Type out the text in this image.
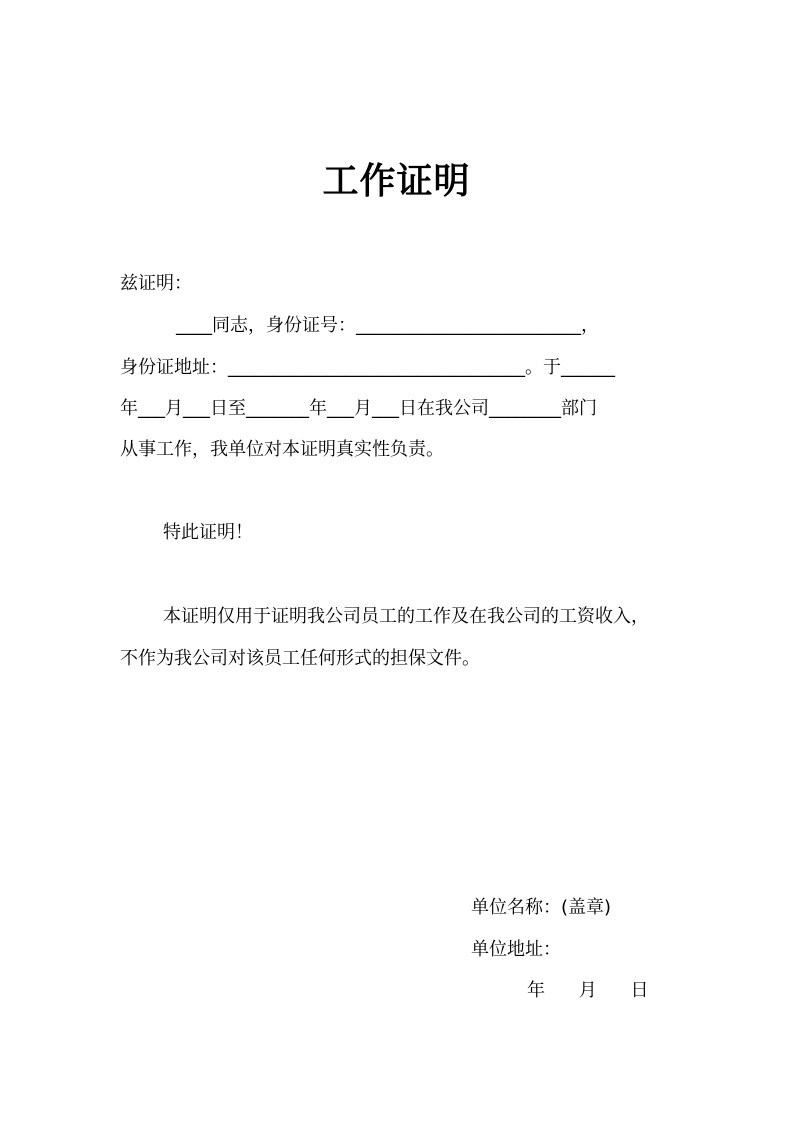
工作证明
兹证明：
____同志，身份证号：_________________________，
身份证地址：_________________________________。于______
年___月___日至_______年___月___日在我公司________部门
从事工作，我单位对本证明真实性负责。
特此证明！
本证明仅用于证明我公司员工的工作及在我公司的工资收入，
不作为我公司对该员工任何形式的担保文件。
单位名称：(盖章)
单位地址：
年 月 日
